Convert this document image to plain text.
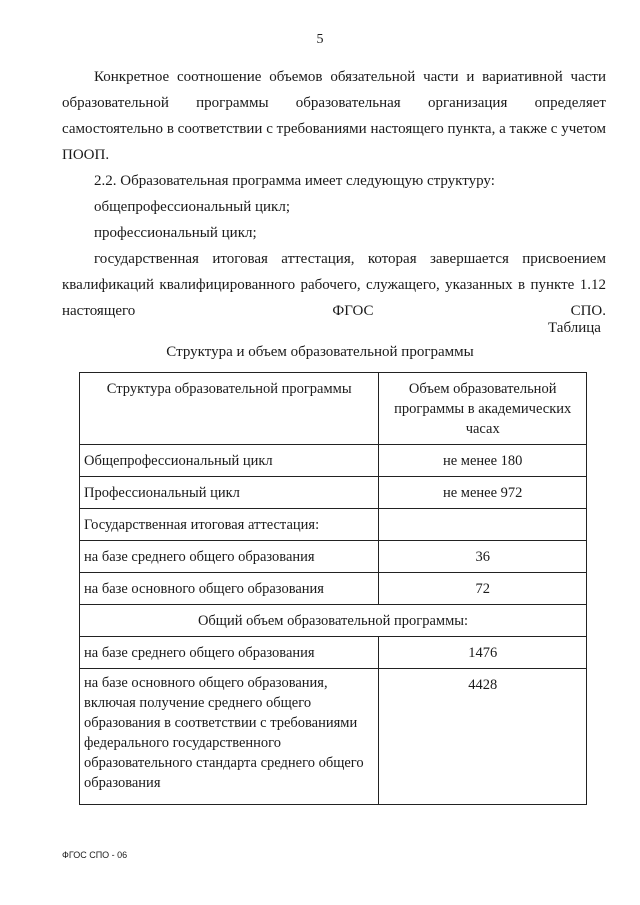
5

Конкретное соотношение объемов обязательной части и вариативной части образовательной программы образовательная организация определяет самостоятельно в соответствии с требованиями настоящего пункта, а также с учетом ПООП.

2.2. Образовательная программа имеет следующую структуру:

общепрофессиональный цикл;

профессиональный цикл;

государственная итоговая аттестация, которая завершается присвоением квалификаций квалифицированного рабочего, служащего, указанных в пункте 1.12 настоящего ФГОС СПО.

Таблица
Структура и объем образовательной программы
Структура образовательной программы	Объем образовательной программы в академических часах
Общепрофессиональный цикл	не менее 180
Профессиональный цикл	не менее 972
Государственная итоговая аттестация:	
на базе среднего общего образования	36
на базе основного общего образования	72
Общий объем образовательной программы:	
на базе среднего общего образования	1476
на базе основного общего образования, включая получение среднего общего образования в соответствии с требованиями федерального государственного образовательного стандарта среднего общего образования	4428
ФГОС СПО - 06
